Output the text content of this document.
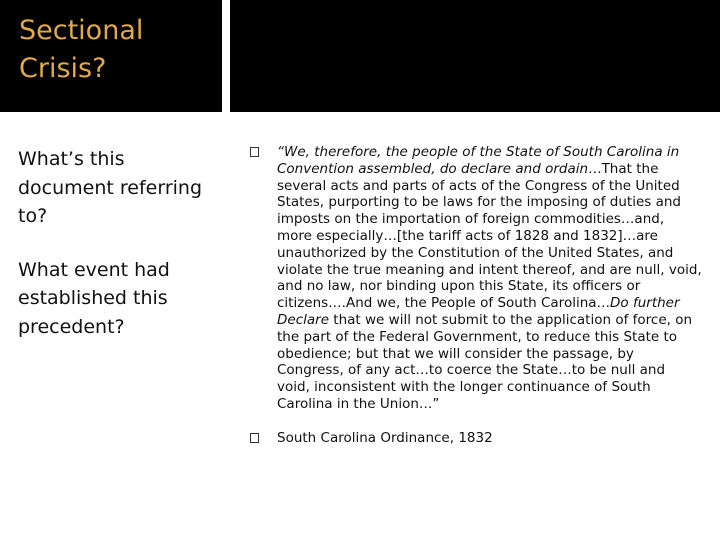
Sectional
Crisis?

What’s this document referring to?

What event had established this precedent?

“We, therefore, the people of the State of South Carolina in Convention assembled, do declare and ordain…That the several acts and parts of acts of the Congress of the United States, purporting to be laws for the imposing of duties and imposts on the importation of foreign commodities…and, more especially…[the tariff acts of 1828 and 1832]…are unauthorized by the Constitution of the United States, and violate the true meaning and intent thereof, and are null, void, and no law, nor binding upon this State, its officers or citizens.…And we, the People of South Carolina…Do further Declare that we will not submit to the application of force, on the part of the Federal Government, to reduce this State to obedience; but that we will consider the passage, by Congress, of any act…to coerce the State…to be null and void, inconsistent with the longer continuance of South Carolina in the Union…”
South Carolina Ordinance, 1832
